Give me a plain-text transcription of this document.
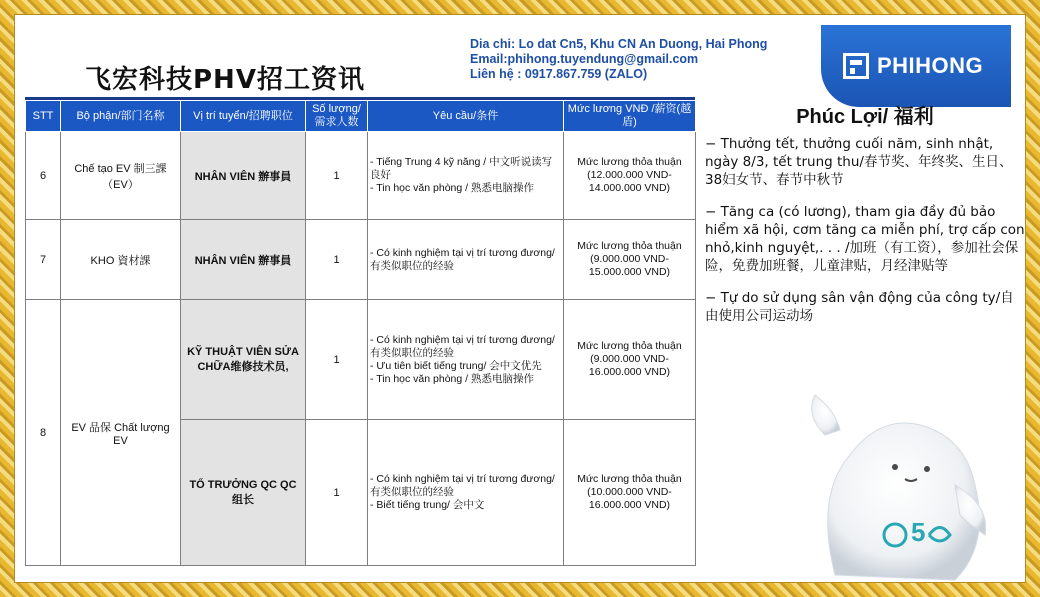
飞宏科技PHV招工资讯
Dia chi: Lo dat Cn5, Khu CN An Duong, Hai Phong
Email:phihong.tuyendung@gmail.com
Liên hệ : 0917.867.759 (ZALO)	PHIHONG
STT	Bộ phận/部门名称	Vị trí tuyển/招聘职位	Số lượng/ 需求人数	Yêu cầu/条件	Mức lương VNĐ /薪资(越盾)
6	Chế tạo EV 制三課（EV）	NHÂN VIÊN 辦事員	1	- Tiếng Trung 4 kỹ năng / 中文听说读写良好
- Tin học văn phòng / 熟悉电脑操作	Mức lương thỏa thuận (12.000.000 VND- 14.000.000 VND)
7	KHO 資材課	NHÂN VIÊN 辦事員	1	- Có kinh nghiệm tại vị trí tương đương/ 有类似职位的经验	Mức lương thỏa thuận (9.000.000 VND- 15.000.000 VND)
8	EV 品保 Chất lượng EV	KỸ THUẬT VIÊN SỬA CHỮA维修技术员,	1	- Có kinh nghiệm tại vị trí tương đương/ 有类似职位的经验
- Ưu tiên biết tiếng trung/ 会中文优先
- Tin học văn phòng / 熟悉电脑操作	Mức lương thỏa thuận (9.000.000 VND- 16.000.000 VND)
		TỔ TRƯỞNG QC QC组长	1	- Có kinh nghiệm tại vị trí tương đương/ 有类似职位的经验
- Biết tiếng trung/ 会中文	Mức lương thỏa thuận (10.000.000 VND- 16.000.000 VND)
Phúc Lợi/ 福利
− Thưởng tết, thưởng cuối năm, sinh nhật, ngày 8/3, tết trung thu/春节奖、年终奖、生日、38妇女节、春节中秋节
− Tăng ca (có lương), tham gia đầy đủ bảo hiểm xã hội, cơm tăng ca miễn phí, trợ cấp con nhỏ,kinh nguyệt,. . . /加班（有工资），参加社会保险，免费加班餐，儿童津贴，月经津贴等
− Tự do sử dụng sân vận động của công ty/自由使用公司运动场
5
